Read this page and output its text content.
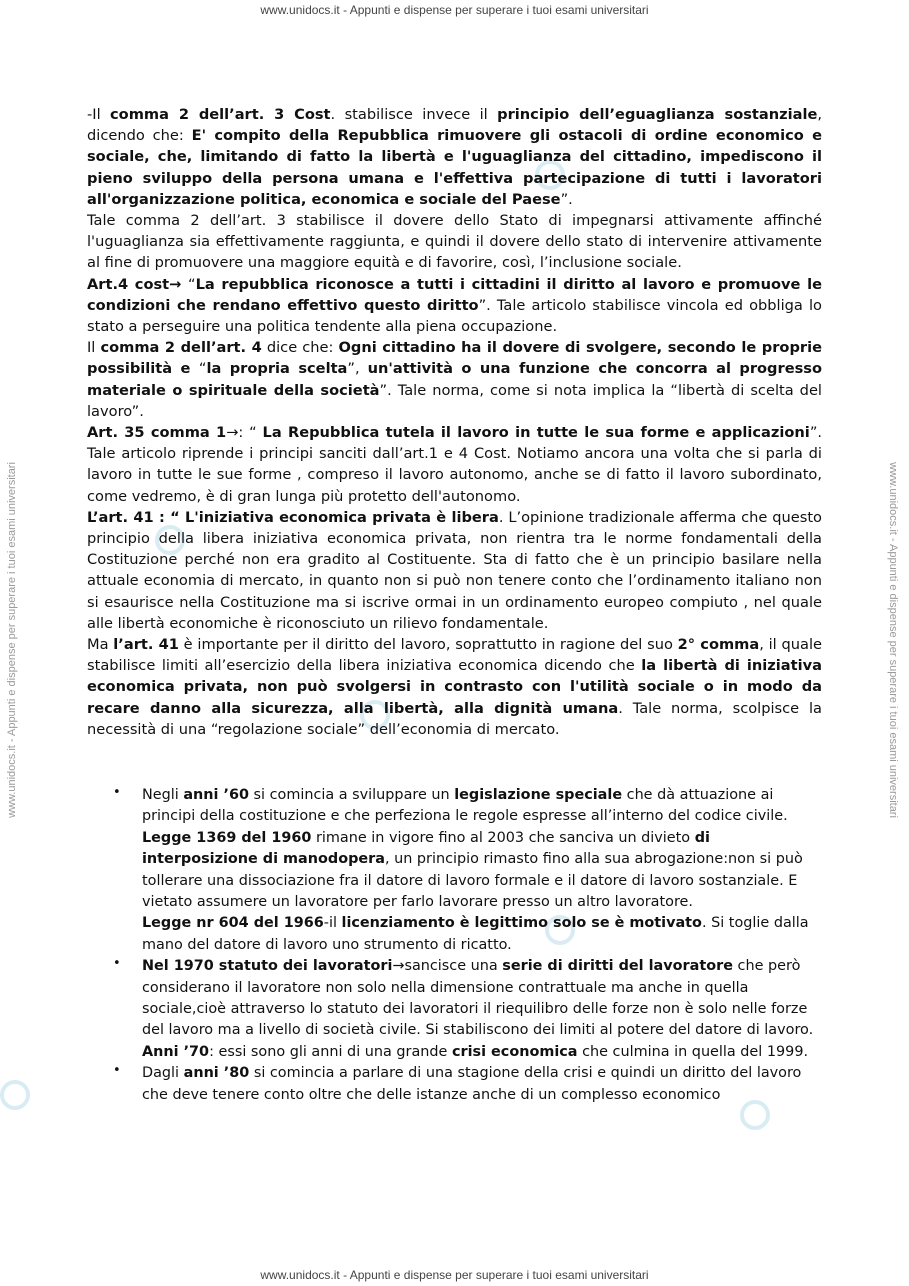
www.unidocs.it - Appunti e dispense per superare i tuoi esami universitari
www.unidocs.it - Appunti e dispense per superare i tuoi esami universitari	www.unidocs.it - Appunti e dispense per superare i tuoi esami universitari

-Il comma 2 dell’art. 3 Cost. stabilisce invece il principio dell’eguaglianza sostanziale, dicendo che: E' compito della Repubblica rimuovere gli ostacoli di ordine economico e sociale, che, limitando di fatto la libertà e l'uguaglianza del cittadino, impediscono il pieno sviluppo della persona umana e l'effettiva partecipazione di tutti i lavoratori all'organizzazione politica, economica e sociale del Paese”.

Tale comma 2 dell’art. 3 stabilisce il dovere dello Stato di impegnarsi attivamente affinché l'uguaglianza sia effettivamente raggiunta, e quindi il dovere dello stato di intervenire attivamente al fine di promuovere una maggiore equità e di favorire, così, l’inclusione sociale.

Art.4 cost→ “La repubblica riconosce a tutti i cittadini il diritto al lavoro e promuove le condizioni che rendano effettivo questo diritto”. Tale articolo stabilisce vincola ed obbliga lo stato a perseguire una politica tendente alla piena occupazione.

Il comma 2 dell’art. 4 dice che: Ogni cittadino ha il dovere di svolgere, secondo le proprie possibilità e “la propria scelta”, un'attività o una funzione che concorra al progresso materiale o spirituale della società”. Tale norma, come si nota implica la “libertà di scelta del lavoro”.

Art. 35 comma 1→: “ La Repubblica tutela il lavoro in tutte le sua forme e applicazioni”. Tale articolo riprende i principi sanciti dall’art.1 e 4 Cost. Notiamo ancora una volta che si parla di lavoro in tutte le sue forme , compreso il lavoro autonomo, anche se di fatto il lavoro subordinato, come vedremo, è di gran lunga più protetto dell'autonomo.

L’art. 41 : “ L'iniziativa economica privata è libera. L’opinione tradizionale afferma che questo principio della libera iniziativa economica privata, non rientra tra le norme fondamentali della Costituzione perché non era gradito al Costituente. Sta di fatto che è un principio basilare nella attuale economia di mercato, in quanto non si può non tenere conto che l’ordinamento italiano non si esaurisce nella Costituzione ma si iscrive ormai in un ordinamento europeo compiuto , nel quale alle libertà economiche è riconosciuto un rilievo fondamentale.

Ma l’art. 41 è importante per il diritto del lavoro, soprattutto in ragione del suo 2° comma, il quale stabilisce limiti all’esercizio della libera iniziativa economica dicendo che la libertà di iniziativa economica privata, non può svolgersi in contrasto con l'utilità sociale o in modo da recare danno alla sicurezza, alla libertà, alla dignità umana. Tale norma, scolpisce la necessità di una “regolazione sociale” dell’economia di mercato.

• Negli anni ’60 si comincia a sviluppare un legislazione speciale che dà attuazione ai principi della costituzione e che perfeziona le regole espresse all’interno del codice civile.

Legge 1369 del 1960 rimane in vigore fino al 2003 che sanciva un divieto di interposizione di manodopera, un principio rimasto fino alla sua abrogazione:non si può tollerare una dissociazione fra il datore di lavoro formale e il datore di lavoro sostanziale. E vietato assumere un lavoratore per farlo lavorare presso un altro lavoratore.

Legge nr 604 del 1966-il licenziamento è legittimo solo se è motivato. Si toglie dalla mano del datore di lavoro uno strumento di ricatto.

• Nel 1970 statuto dei lavoratori→sancisce una serie di diritti del lavoratore che però considerano il lavoratore non solo nella dimensione contrattuale ma anche in quella sociale,cioè attraverso lo statuto dei lavoratori il riequilibro delle forze non è solo nelle forze del lavoro ma a livello di società civile. Si stabiliscono dei limiti al potere del datore di lavoro.

Anni ’70: essi sono gli anni di una grande crisi economica che culmina in quella del 1999.

• Dagli anni ’80 si comincia a parlare di una stagione della crisi e quindi un diritto del lavoro che deve tenere conto oltre che delle istanze anche di un complesso economico

www.unidocs.it - Appunti e dispense per superare i tuoi esami universitari
